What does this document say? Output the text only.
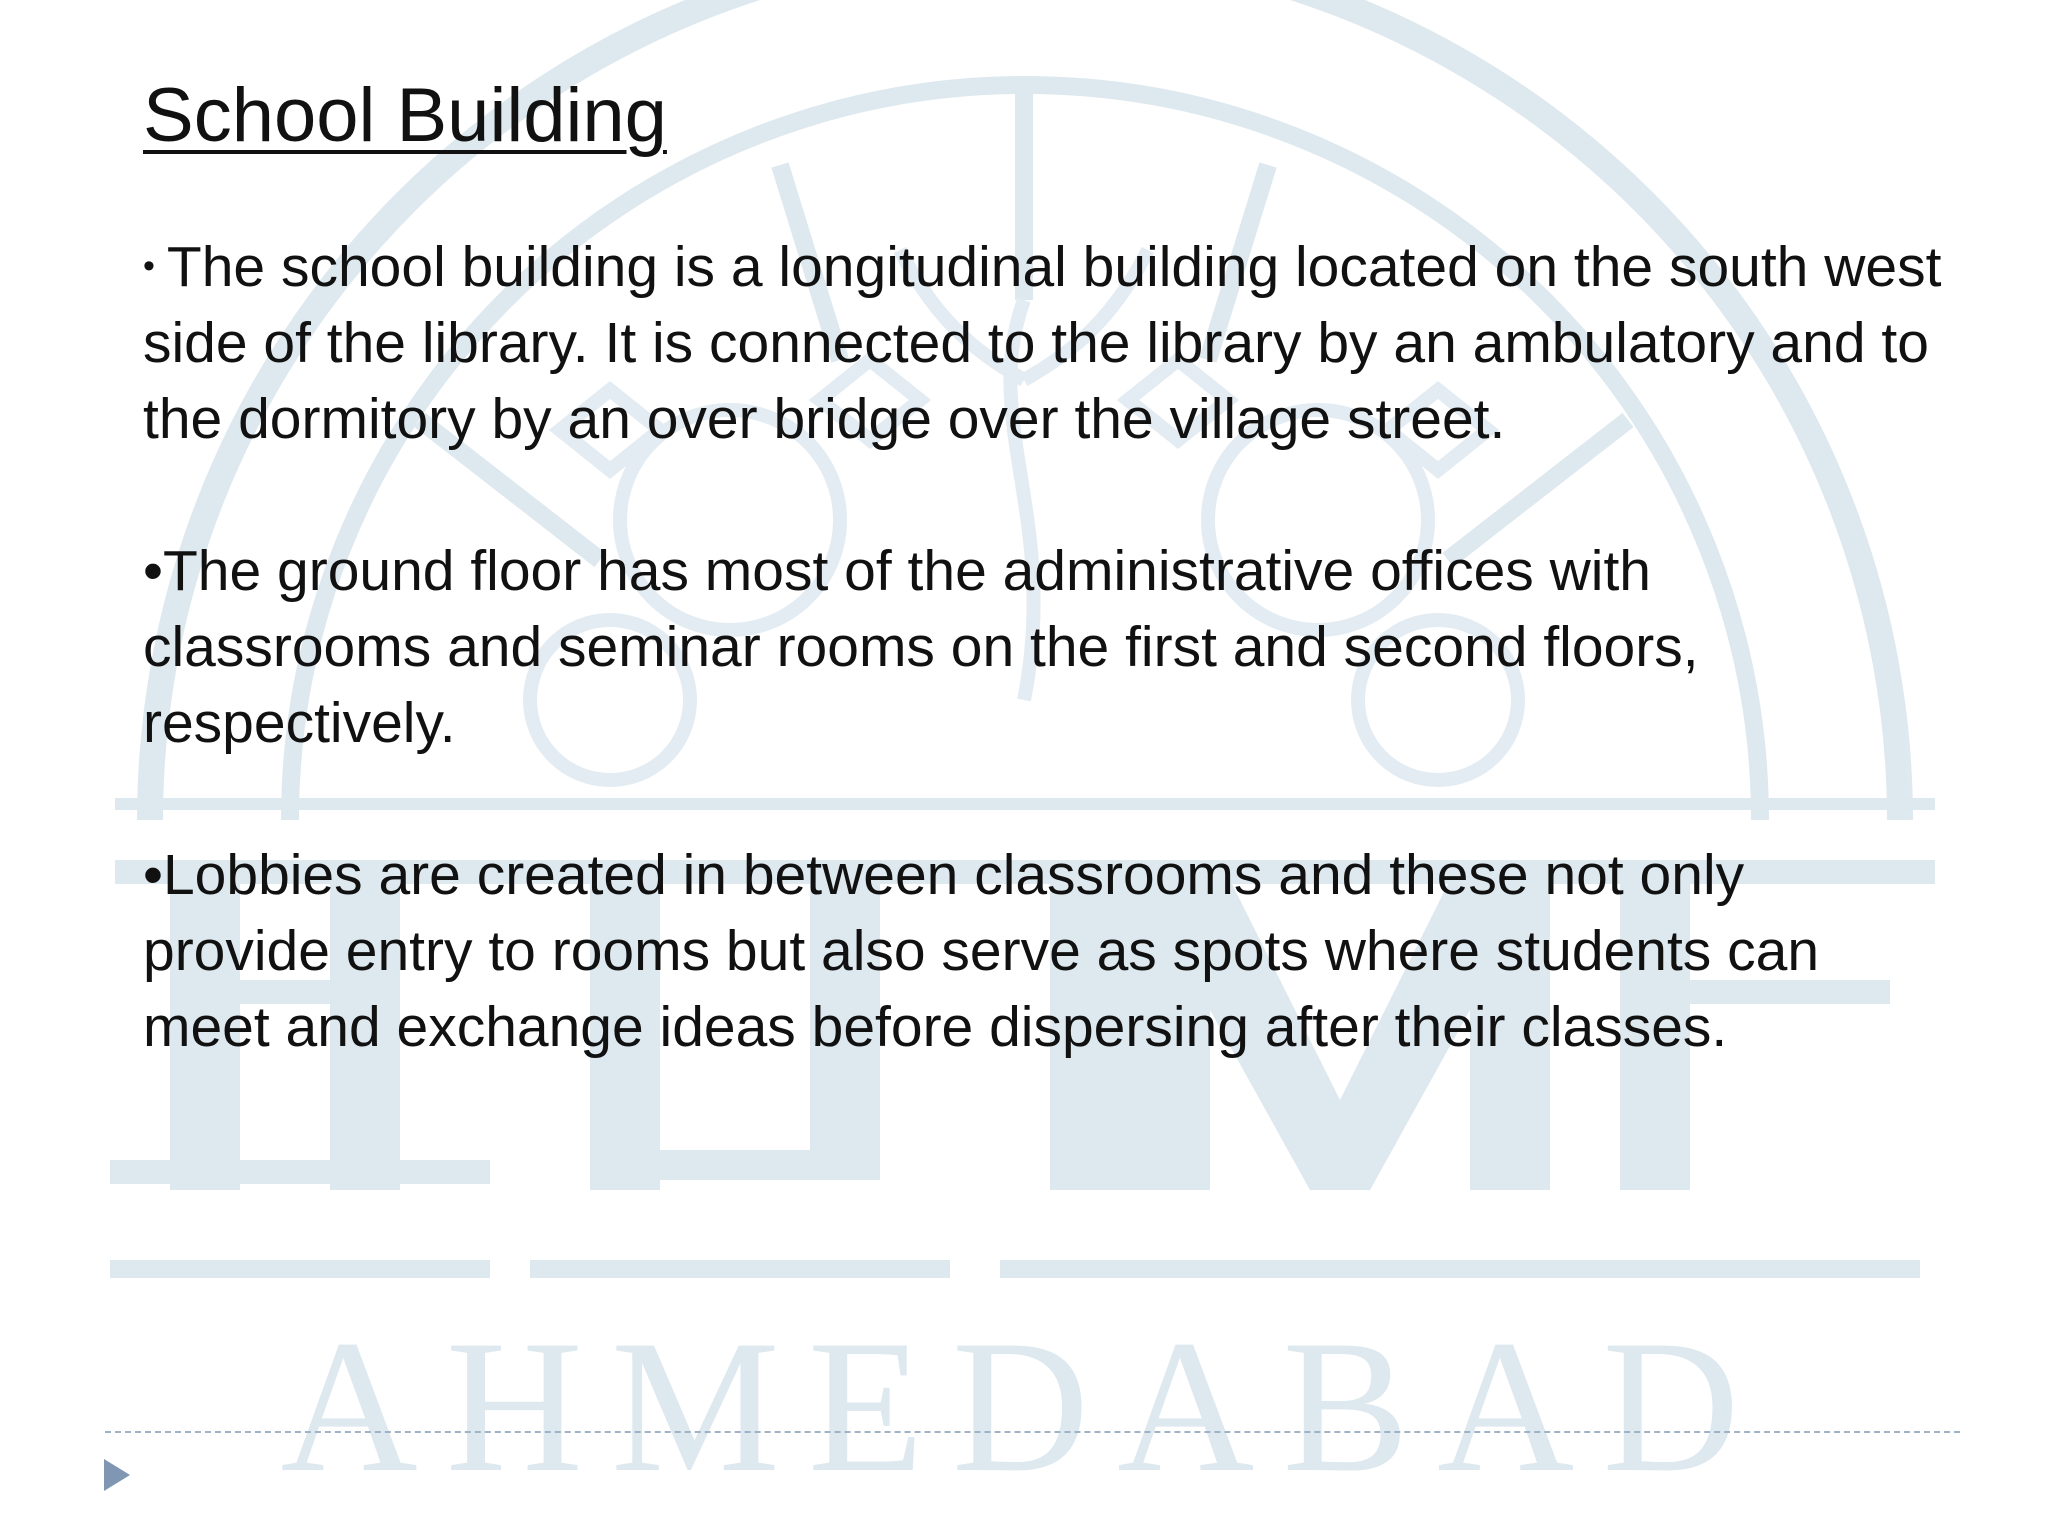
AHMEDABAD
School Building

• The school building is a longitudinal building located on the south west side of the library. It is connected to the library by an ambulatory and to the dormitory by an over bridge over the village street.

•The ground floor has most of the administrative offices with classrooms and seminar rooms on the first and second floors, respectively.

•Lobbies are created in between classrooms and these not only provide entry to rooms but also serve as spots where students can meet and exchange ideas before dispersing after their classes.
